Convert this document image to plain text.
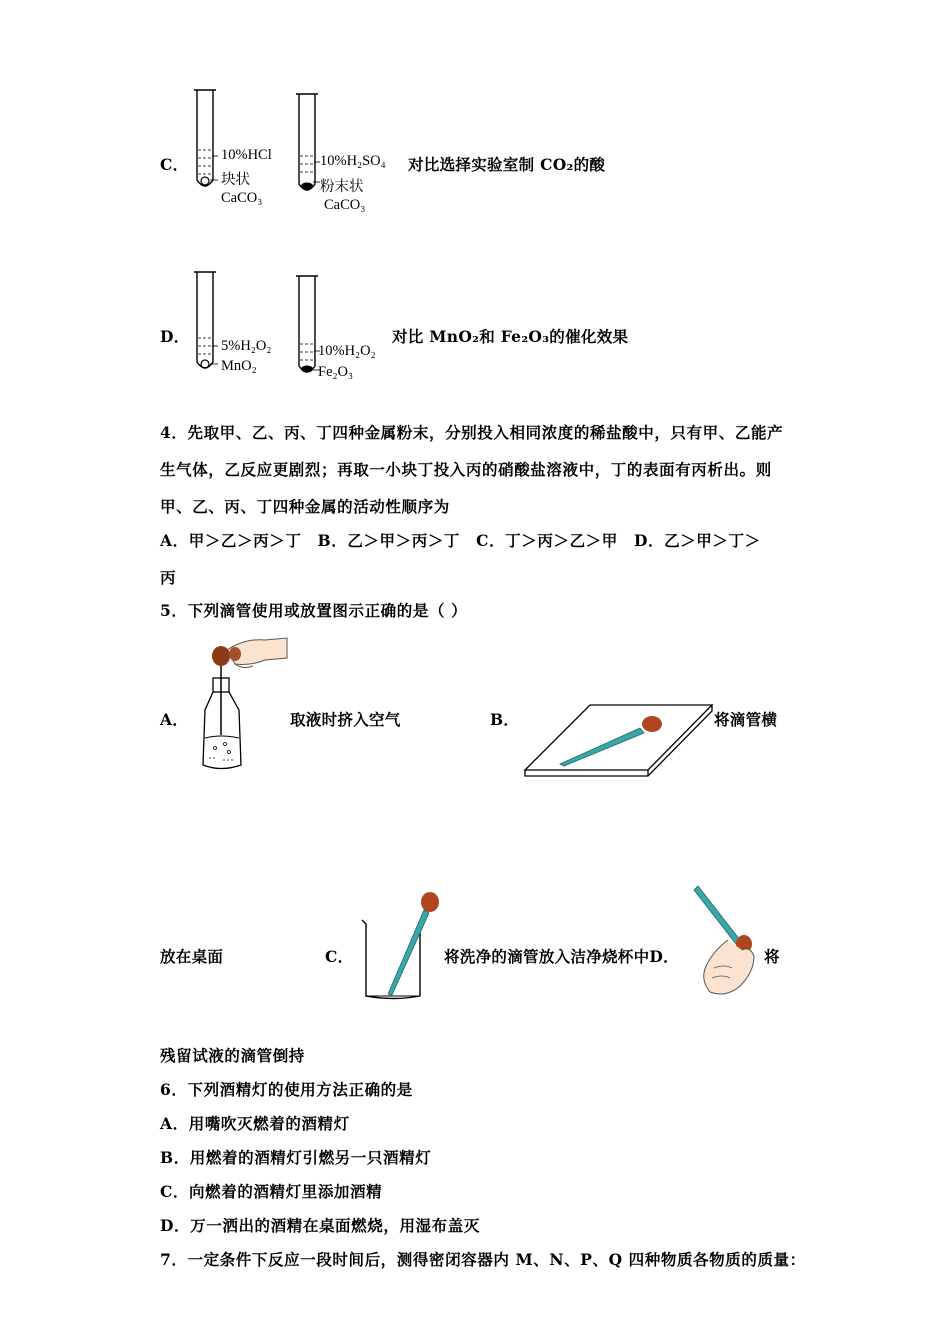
C． 10%HCl
块状
CaCO₃
10%H₂SO₄
粉末状
CaCO₃
对比选择实验室制 CO₂的酸
D． 5%H₂O₂
MnO₂
10%H₂O₂
Fe₂O₃
对比 MnO₂和 Fe₂O₃的催化效果
4．先取甲、乙、丙、丁四种金属粉末，分别投入相同浓度的稀盐酸中，只有甲、乙能产
生气体，乙反应更剧烈；再取一小块丁投入丙的硝酸盐溶液中，丁的表面有丙析出。则
甲、乙、丙、丁四种金属的活动性顺序为
A．甲＞乙＞丙＞丁　B．乙＞甲＞丙＞丁　C．丁＞丙＞乙＞甲　D．乙＞甲＞丁＞
丙
5．下列滴管使用或放置图示正确的是（ ）
A．	取液时挤入空气	B．	将滴管横
放在桌面	C．	将洗净的滴管放入洁净烧杯中D．	将
残留试液的滴管倒持
6．下列酒精灯的使用方法正确的是
A．用嘴吹灭燃着的酒精灯
B．用燃着的酒精灯引燃另一只酒精灯
C．向燃着的酒精灯里添加酒精
D．万一洒出的酒精在桌面燃烧，用湿布盖灭
7．一定条件下反应一段时间后，测得密闭容器内 M、N、P、Q 四种物质各物质的质量：
